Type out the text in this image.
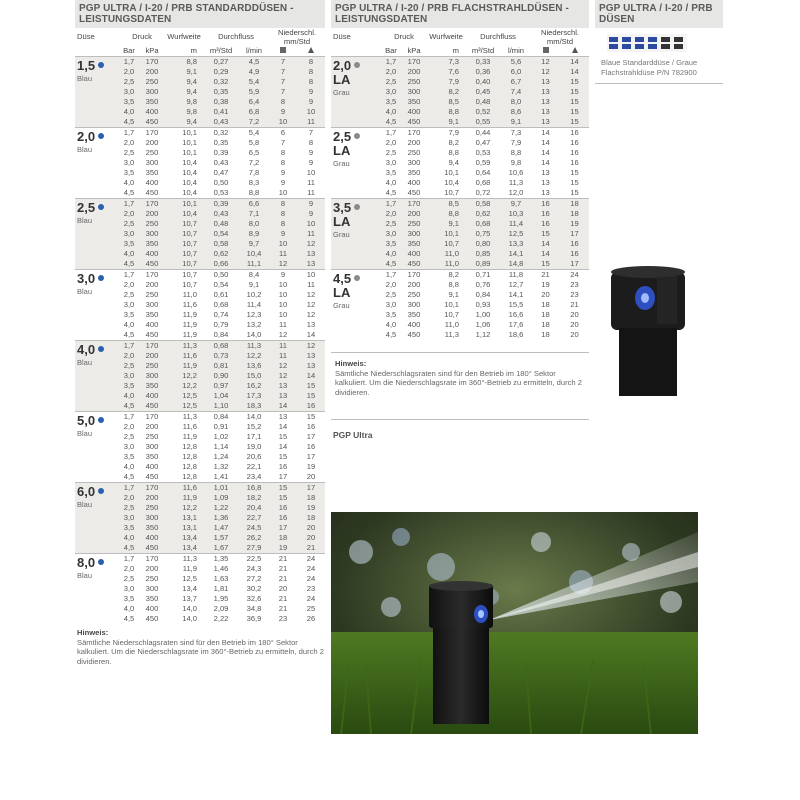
PGP ULTRA / I-20 / PRB STANDARDDÜSEN - LEISTUNGSDATEN
Düse	Druck		Wurfweite	Durchfluss		Niederschl. mm/Std	
	Bar	kPa	m	m³/Std	l/min		

1,5
Blau	1,7	170	8,8	0,27	4,5	7	8
	2,0	200	9,1	0,29	4,9	7	8
	2,5	250	9,4	0,32	5,4	7	8
	3,0	300	9,4	0,35	5,9	7	9
	3,5	350	9,8	0,38	6,4	8	9
	4,0	400	9,8	0,41	6,8	9	10
	4,5	450	9,4	0,43	7,2	10	11

2,0
Blau	1,7	170	10,1	0,32	5,4	6	7
	2,0	200	10,1	0,35	5,8	7	8
	2,5	250	10,1	0,39	6,5	8	9
	3,0	300	10,4	0,43	7,2	8	9
	3,5	350	10,4	0,47	7,8	9	10
	4,0	400	10,4	0,50	8,3	9	11
	4,5	450	10,4	0,53	8,8	10	11

2,5
Blau	1,7	170	10,1	0,39	6,6	8	9
	2,0	200	10,4	0,43	7,1	8	9
	2,5	250	10,7	0,48	8,0	8	10
	3,0	300	10,7	0,54	8,9	9	11
	3,5	350	10,7	0,58	9,7	10	12
	4,0	400	10,7	0,62	10,4	11	13
	4,5	450	10,7	0,66	11,1	12	13

3,0
Blau	1,7	170	10,7	0,50	8,4	9	10
	2,0	200	10,7	0,54	9,1	10	11
	2,5	250	11,0	0,61	10,2	10	12
	3,0	300	11,6	0,68	11,4	10	12
	3,5	350	11,9	0,74	12,3	10	12
	4,0	400	11,9	0,79	13,2	11	13
	4,5	450	11,9	0,84	14,0	12	14

4,0
Blau	1,7	170	11,3	0,68	11,3	11	12
	2,0	200	11,6	0,73	12,2	11	13
	2,5	250	11,9	0,81	13,6	12	13
	3,0	300	12,2	0,90	15,0	12	14
	3,5	350	12,2	0,97	16,2	13	15
	4,0	400	12,5	1,04	17,3	13	15
	4,5	450	12,5	1,10	18,3	14	16

5,0
Blau	1,7	170	11,3	0,84	14,0	13	15
	2,0	200	11,6	0,91	15,2	14	16
	2,5	250	11,9	1,02	17,1	15	17
	3,0	300	12,8	1,14	19,0	14	16
	3,5	350	12,8	1,24	20,6	15	17
	4,0	400	12,8	1,32	22,1	16	19
	4,5	450	12,8	1,41	23,4	17	20

6,0
Blau	1,7	170	11,6	1,01	16,8	15	17
	2,0	200	11,9	1,09	18,2	15	18
	2,5	250	12,2	1,22	20,4	16	19
	3,0	300	13,1	1,36	22,7	16	18
	3,5	350	13,1	1,47	24,5	17	20
	4,0	400	13,4	1,57	26,2	18	20
	4,5	450	13,4	1,67	27,9	19	21

8,0
Blau	1,7	170	11,3	1,35	22,5	21	24
	2,0	200	11,9	1,46	24,3	21	24
	2,5	250	12,5	1,63	27,2	21	24
	3,0	300	13,4	1,81	30,2	20	23
	3,5	350	13,7	1,95	32,6	21	24
	4,0	400	14,0	2,09	34,8	21	25
	4,5	450	14,0	2,22	36,9	23	26
Hinweis:
Sämtliche Niederschlagsraten sind für den Betrieb im 180° Sektor kalkuliert. Um die Niederschlagsrate im 360°-Betrieb zu ermitteln, durch 2 dividieren.
PGP ULTRA / I-20 / PRB FLACHSTRAHLDÜSEN - LEISTUNGSDATEN
Düse	Druck		Wurfweite	Durchfluss		Niederschl. mm/Std	
	Bar	kPa	m	m³/Std	l/min		

2,0
LA
Grau	1,7	170	7,3	0,33	5,6	12	14
	2,0	200	7,6	0,36	6,0	12	14
	2,5	250	7,9	0,40	6,7	13	15
	3,0	300	8,2	0,45	7,4	13	15
	3,5	350	8,5	0,48	8,0	13	15
	4,0	400	8,8	0,52	8,6	13	15
	4,5	450	9,1	0,55	9,1	13	15

2,5
LA
Grau	1,7	170	7,9	0,44	7,3	14	16
	2,0	200	8,2	0,47	7,9	14	16
	2,5	250	8,8	0,53	8,8	14	16
	3,0	300	9,4	0,59	9,8	14	16
	3,5	350	10,1	0,64	10,6	13	15
	4,0	400	10,4	0,68	11,3	13	15
	4,5	450	10,7	0,72	12,0	13	15

3,5
LA
Grau	1,7	170	8,5	0,58	9,7	16	18
	2,0	200	8,8	0,62	10,3	16	18
	2,5	250	9,1	0,68	11,4	16	19
	3,0	300	10,1	0,75	12,5	15	17
	3,5	350	10,7	0,80	13,3	14	16
	4,0	400	11,0	0,85	14,1	14	16
	4,5	450	11,0	0,89	14,8	15	17

4,5
LA
Grau	1,7	170	8,2	0,71	11,8	21	24
	2,0	200	8,8	0,76	12,7	19	23
	2,5	250	9,1	0,84	14,1	20	23
	3,0	300	10,1	0,93	15,5	18	21
	3,5	350	10,7	1,00	16,6	18	20
	4,0	400	11,0	1,06	17,6	18	20
	4,5	450	11,3	1,12	18,6	18	20
Hinweis:
Sämtliche Niederschlagsraten sind für den Betrieb im 180° Sektor kalkuliert. Um die Niederschlagsrate im 360°-Betrieb zu ermitteln, durch 2 dividieren.
PGP Ultra
PGP ULTRA / I-20 / PRB DÜSEN
Blaue Standarddüse / Graue Flachstrahldüse P/N 782900
